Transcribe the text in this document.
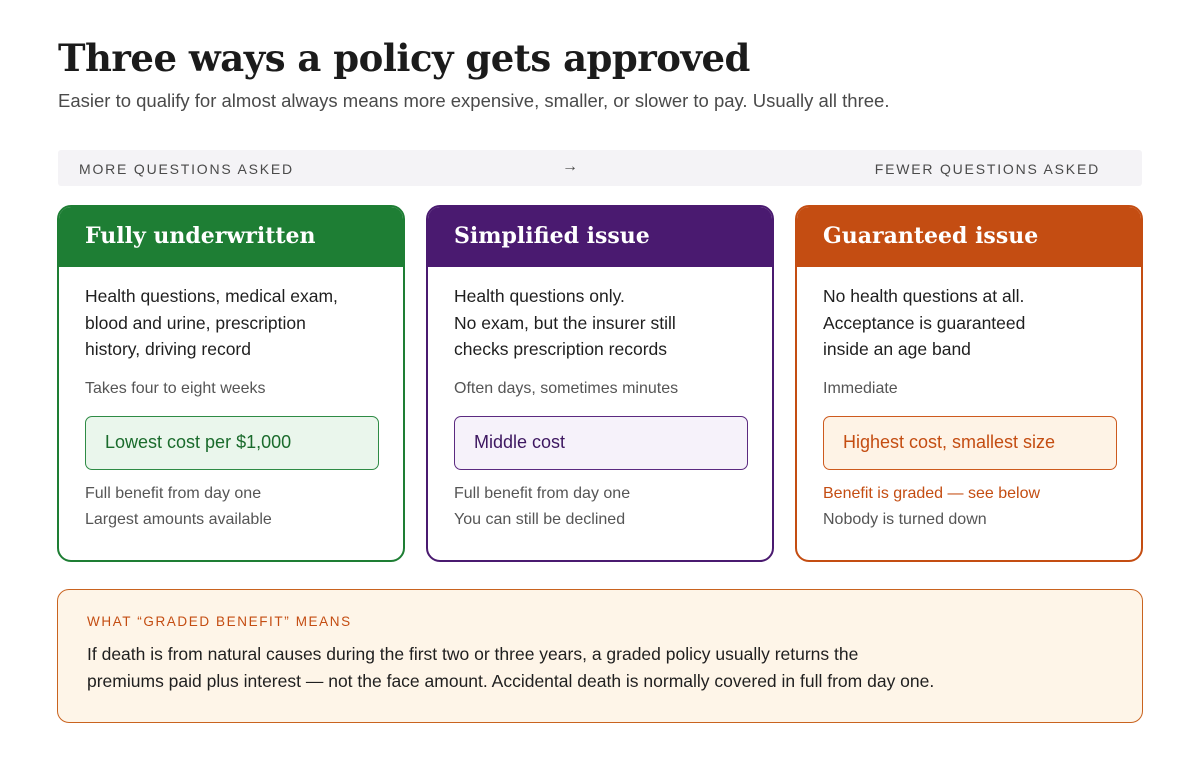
Three ways a policy gets approved
Easier to qualify for almost always means more expensive, smaller, or slower to pay. Usually all three.
MORE QUESTIONS ASKED	→	FEWER QUESTIONS ASKED
Fully underwritten
Health questions, medical exam,
blood and urine, prescription
history, driving record
Takes four to eight weeks
Lowest cost per $1,000
Full benefit from day one
Largest amounts available
Simplified issue
Health questions only.
No exam, but the insurer still
checks prescription records
Often days, sometimes minutes
Middle cost
Full benefit from day one
You can still be declined
Guaranteed issue
No health questions at all.
Acceptance is guaranteed
inside an age band
Immediate
Highest cost, smallest size
Benefit is graded — see below
Nobody is turned down
WHAT “GRADED BENEFIT” MEANS
If death is from natural causes during the first two or three years, a graded policy usually returns the
premiums paid plus interest — not the face amount. Accidental death is normally covered in full from day one.
